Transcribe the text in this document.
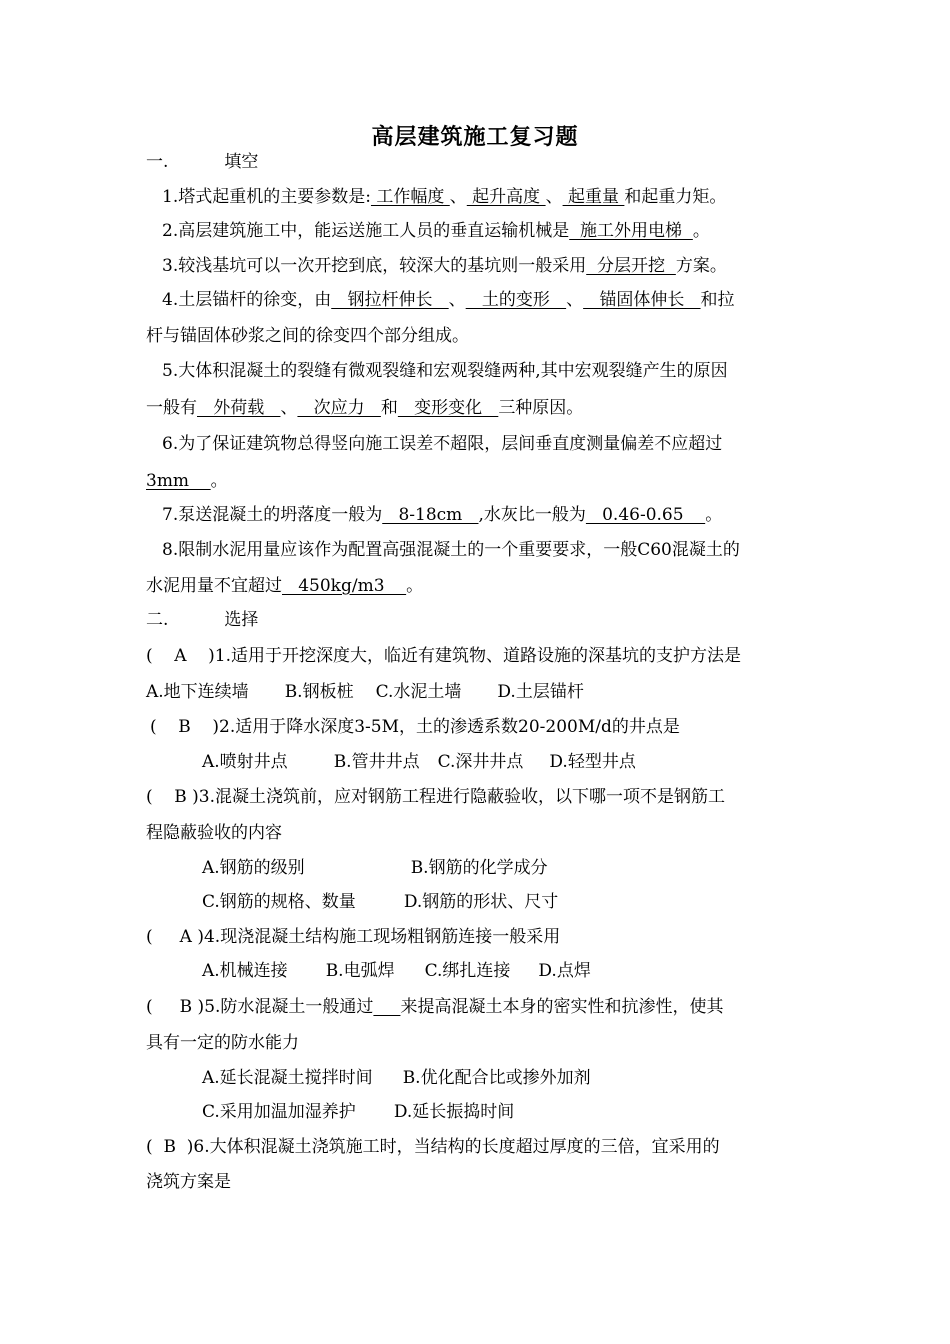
高层建筑施工复习题
一.	填空
1.塔式起重机的主要参数是: 工作幅度 、 起升高度 、 起重量 和起重力矩。
2.高层建筑施工中，能运送施工人员的垂直运输机械是  施工外用电梯  。
3.较浅基坑可以一次开挖到底，较深大的基坑则一般采用  分层开挖  方案。
4.土层锚杆的徐变，由   钢拉杆伸长   、   土的变形   、   锚固体伸长   和拉
杆与锚固体砂浆之间的徐变四个部分组成。
5.大体积混凝土的裂缝有微观裂缝和宏观裂缝两种,其中宏观裂缝产生的原因
一般有   外荷载   、   次应力   和   变形变化   三种原因。
6.为了保证建筑物总得竖向施工误差不超限，层间垂直度测量偏差不应超过
3mm    。
7.泵送混凝土的坍落度一般为   8-18cm   ,水灰比一般为   0.46-0.65    。
8.限制水泥用量应该作为配置高强混凝土的一个重要要求，一般C60混凝土的
水泥用量不宜超过   450kg/m3    。
二.	选择
(    A    )1.适用于开挖深度大，临近有建筑物、道路设施的深基坑的支护方法是
A.地下连续墙 B.钢板桩 C.水泥土墙 D.土层锚杆
(    B    )2.适用于降水深度3-5M，土的渗透系数20-200M/d的井点是
A.喷射井点	B.管井井点 C.深井井点 D.轻型井点
(    B )3.混凝土浇筑前，应对钢筋工程进行隐蔽验收，以下哪一项不是钢筋工
程隐蔽验收的内容
A.钢筋的级别	B.钢筋的化学成分
C.钢筋的规格、数量	D.钢筋的形状、尺寸
(     A )4.现浇混凝土结构施工现场粗钢筋连接一般采用
A.机械连接 B.电弧焊 C.绑扎连接 D.点焊
(     B )5.防水混凝土一般通过 来提高混凝土本身的密实性和抗渗性，使其
具有一定的防水能力
A.延长混凝土搅拌时间 B.优化配合比或掺外加剂
C.采用加温加湿养护 D.延长振捣时间
(  B  )6.大体积混凝土浇筑施工时，当结构的长度超过厚度的三倍，宜采用的
浇筑方案是
